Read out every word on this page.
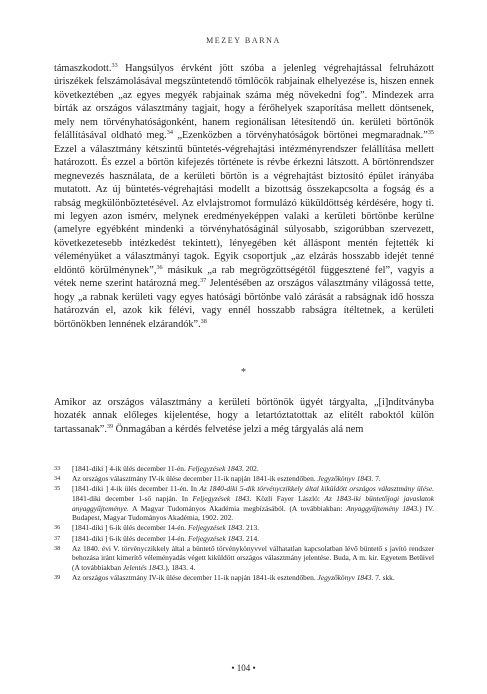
MEZEY BARNA

támaszkodott.$^{33}$ Hangsúlyos érvként jött szóba a jelenleg végrehajtással felruházott úriszékek felszámolásával megszüntetendő tömlöcök rabjainak elhelyezése is, hiszen ennek következtében „az egyes megyék rabjainak száma még növekedni fog”. Mindezek arra bírták az országos választmány tagjait, hogy a férőhelyek szaporítása mellett döntsenek, mely nem törvényhatóságonként, hanem regionálisan létesítendő ún. kerületi börtönök felállításával oldható meg.$^{34}$ „Ezenközben a törvényhatóságok börtönei megmaradnak.”$^{35}$ Ezzel a választmány kétszintű büntetés-végrehajtási intézményrendszer felállítása mellett határozott. És ezzel a börtön kifejezés története is révbe érkezni látszott. A börtönrendszer megnevezés használata, de a kerületi börtön is a végrehajtást biztosító épület irányába mutatott. Az új büntetés-végrehajtási modellt a bizottság összekapcsolta a fogság és a rabság megkülönböztetésével. Az elvlajstromot formulázó küküldöttség kérdésére, hogy ti. mi legyen azon ismérv, melynek eredményeképpen valaki a kerületi börtönbe kerülne (amelyre egyébként mindenki a törvényhatóságinál súlyosabb, szigorúbban szervezett, következetesebb intézkedést tekintett), lényegében két álláspont mentén fejtették ki véleményüket a választmányi tagok. Egyik csoportjuk „az elzárás hosszabb idejét tenné eldöntő körülménynek”,$^{36}$ másikuk „a rab megrögzöttségétől függesztené fel”, vagyis a vétek neme szerint határozná meg.$^{37}$ Jelentésében az országos választmány világossá tette, hogy „a rabnak kerületi vagy egyes hatósági börtönbe való zárását a rabságnak idő hossza határozván el, azok kik félévi, vagy ennél hosszabb rabságra ítéltetnek, a kerületi börtönökben lennének elzárandók”.$^{38}$

*

Amikor az országos választmány a kerületi börtönök ügyét tárgyalta, „[i]ndítványba hozaték annak előleges kijelentése, hogy a letartóztatottak az elítélt raboktól külön tartassanak”.$^{39}$ Önmagában a kérdés felvetése jelzi a még tárgyalás alá nem

33 [1841-diki ] 4-ik ülés december 11-én. Feljegyzések 1843. 202.
34 Az országos választmány IV-ik ülése december 11-ik napján 1841-ik esztendőben. Jegyzőkönyv 1843. 7.
35 [1841-diki ] 4-ik ülés december 11-én. In Az 1840-diki 5-dik törvényczikkely által kiküldött országos választmány ülése. 1841-diki december 1-ső napján. In Feljegyzések 1843. Közli Fayer László: Az 1843-iki büntetőjogi javaslatok anyaggyűjteménye. A Magyar Tudományos Akadémia megbízásából. (A továbbiakban: Anyaggyűjtemény 1843.) IV. Budapest, Magyar Tudományos Akadémia, 1902. 202.
36 [1841-diki ] 6-ik ülés december 14-én. Feljegyzések 1843. 213.
37 [1841-diki ] 6-ik ülés december 14-én. Feljegyzések 1843. 214.
38 Az 1840. évi V. törvényczikkely által a büntető törvénykönyvvel válhatatlan kapcsolatban lévő büntető s javító rendszer behozása iránt kimerítő véleményadás végett kiküldött országos választmány jelentése. Buda, A m. kir. Egyetem Betűivel (A továbbiakban Jelentés 1843.), 1843. 4.
39 Az országos választmány IV-ik ülése december 11-ik napján 1841-ik esztendőben. Jegyzőkönyv 1843. 7. skk.
• 104 •
